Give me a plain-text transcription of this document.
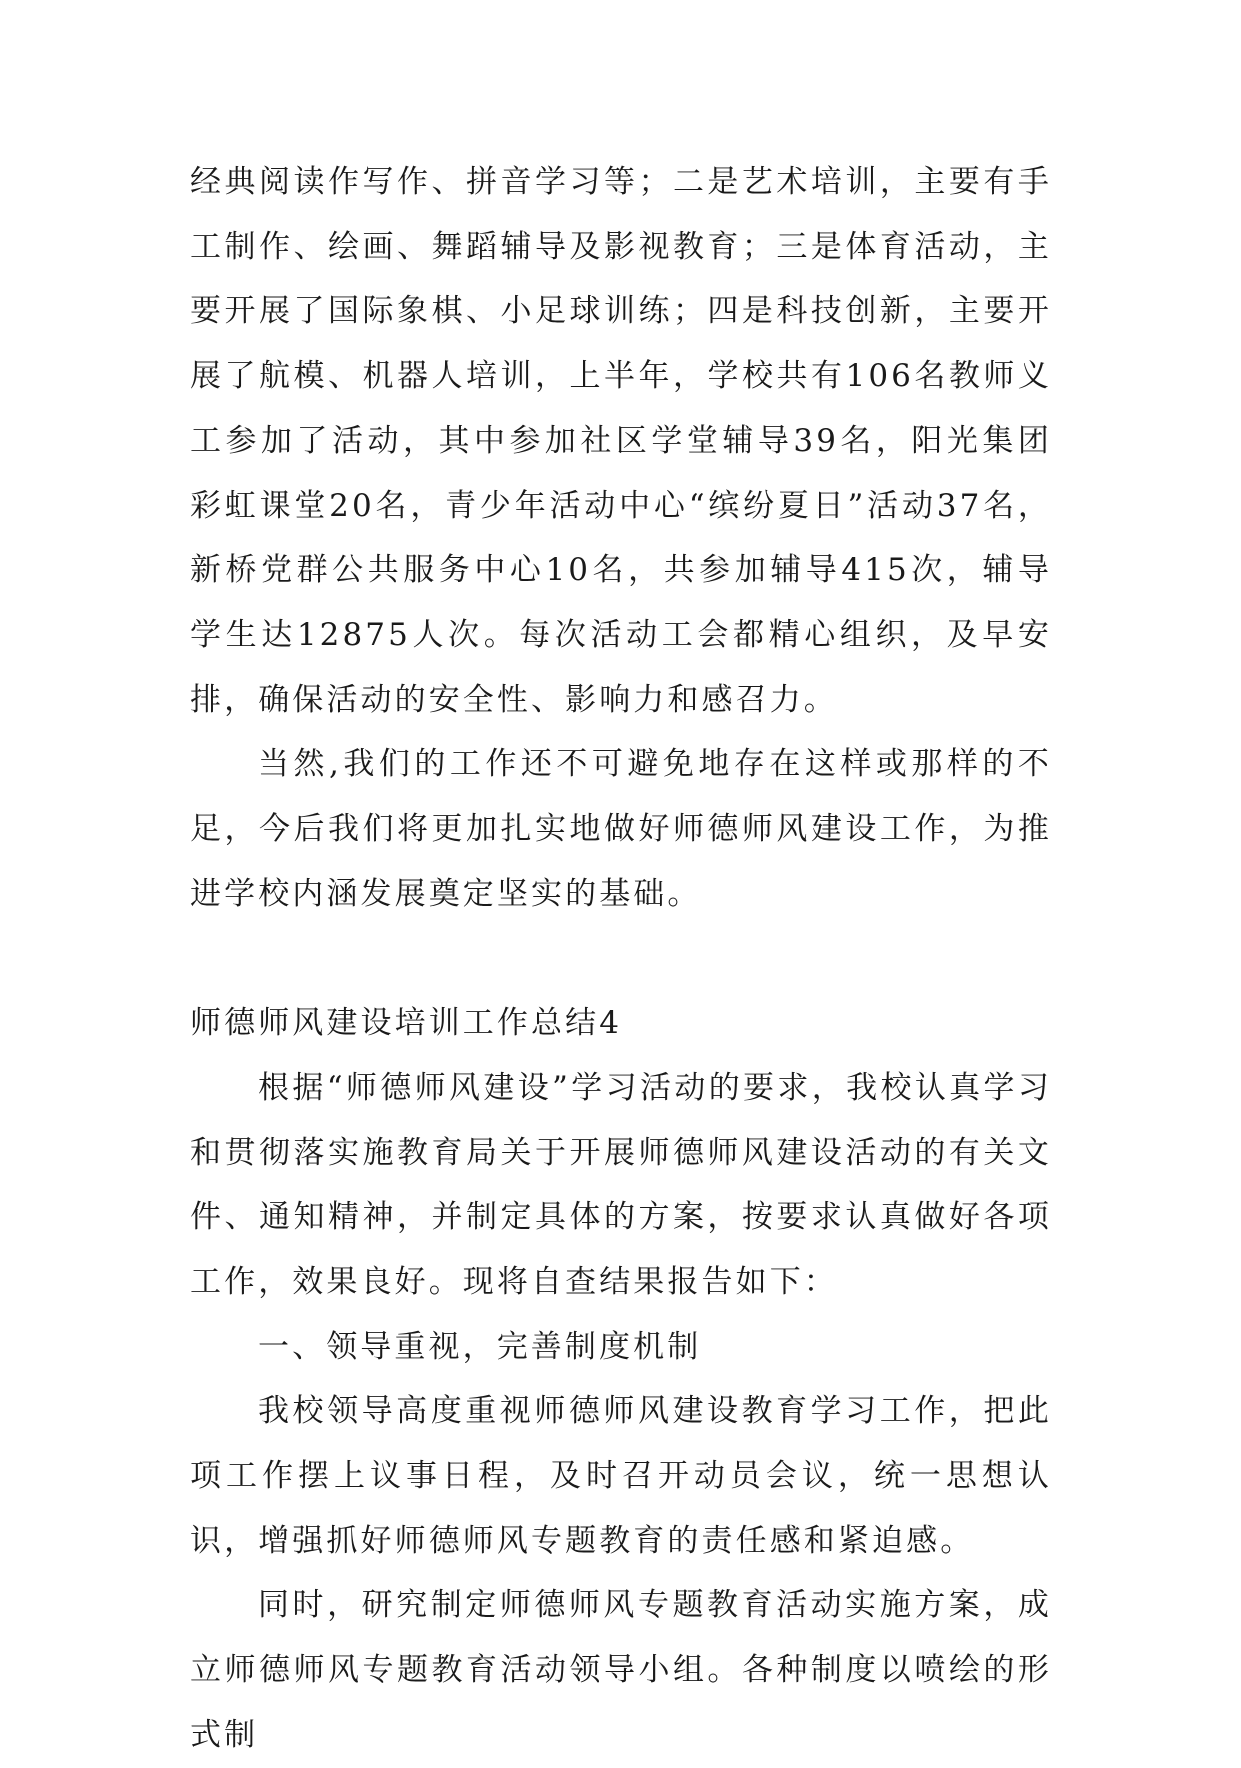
经典阅读作写作、拼音学习等；二是艺术培训，主要有手工制作、绘画、舞蹈辅导及影视教育；三是体育活动，主要开展了国际象棋、小足球训练；四是科技创新，主要开展了航模、机器人培训，上半年，学校共有106名教师义工参加了活动，其中参加社区学堂辅导39名，阳光集团彩虹课堂20名，青少年活动中心“缤纷夏日”活动37名，新桥党群公共服务中心10名，共参加辅导415次，辅导学生达12875人次。每次活动工会都精心组织，及早安排，确保活动的安全性、影响力和感召力。

当然,我们的工作还不可避免地存在这样或那样的不足，今后我们将更加扎实地做好师德师风建设工作，为推进学校内涵发展奠定坚实的基础。

师德师风建设培训工作总结4

根据“师德师风建设”学习活动的要求，我校认真学习和贯彻落实施教育局关于开展师德师风建设活动的有关文件、通知精神，并制定具体的方案，按要求认真做好各项工作，效果良好。现将自查结果报告如下：

一、领导重视，完善制度机制

我校领导高度重视师德师风建设教育学习工作，把此项工作摆上议事日程，及时召开动员会议，统一思想认识，增强抓好师德师风专题教育的责任感和紧迫感。

同时，研究制定师德师风专题教育活动实施方案，成立师德师风专题教育活动领导小组。各种制度以喷绘的形式制
